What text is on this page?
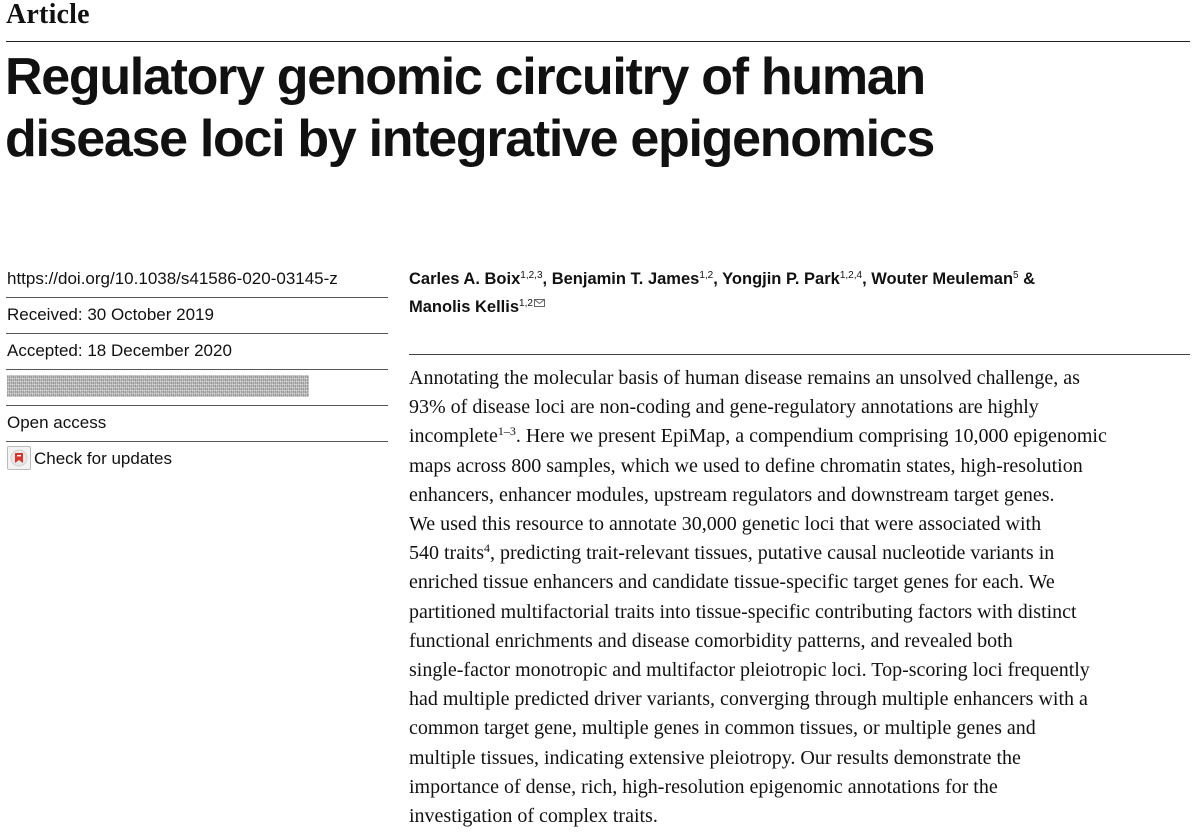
Article
Regulatory genomic circuitry of human
disease loci by integrative epigenomics
https://doi.org/10.1038/s41586-020-03145-z
Received: 30 October 2019
Accepted: 18 December 2020
Open access
Check for updates
Carles A. Boix$^{1,2,3}$, Benjamin T. James$^{1,2}$, Yongjin P. Park$^{1,2,4}$, Wouter Meuleman$^5$ &
Manolis Kellis$^{1,2}$
Annotating the molecular basis of human disease remains an unsolved challenge, as
93% of disease loci are non-coding and gene-regulatory annotations are highly
incomplete$^{1-3}$. Here we present EpiMap, a compendium comprising 10,000 epigenomic
maps across 800 samples, which we used to define chromatin states, high-resolution
enhancers, enhancer modules, upstream regulators and downstream target genes.
We used this resource to annotate 30,000 genetic loci that were associated with
540 traits$^4$, predicting trait-relevant tissues, putative causal nucleotide variants in
enriched tissue enhancers and candidate tissue-specific target genes for each. We
partitioned multifactorial traits into tissue-specific contributing factors with distinct
functional enrichments and disease comorbidity patterns, and revealed both
single-factor monotropic and multifactor pleiotropic loci. Top-scoring loci frequently
had multiple predicted driver variants, converging through multiple enhancers with a
common target gene, multiple genes in common tissues, or multiple genes and
multiple tissues, indicating extensive pleiotropy. Our results demonstrate the
importance of dense, rich, high-resolution epigenomic annotations for the
investigation of complex traits.
